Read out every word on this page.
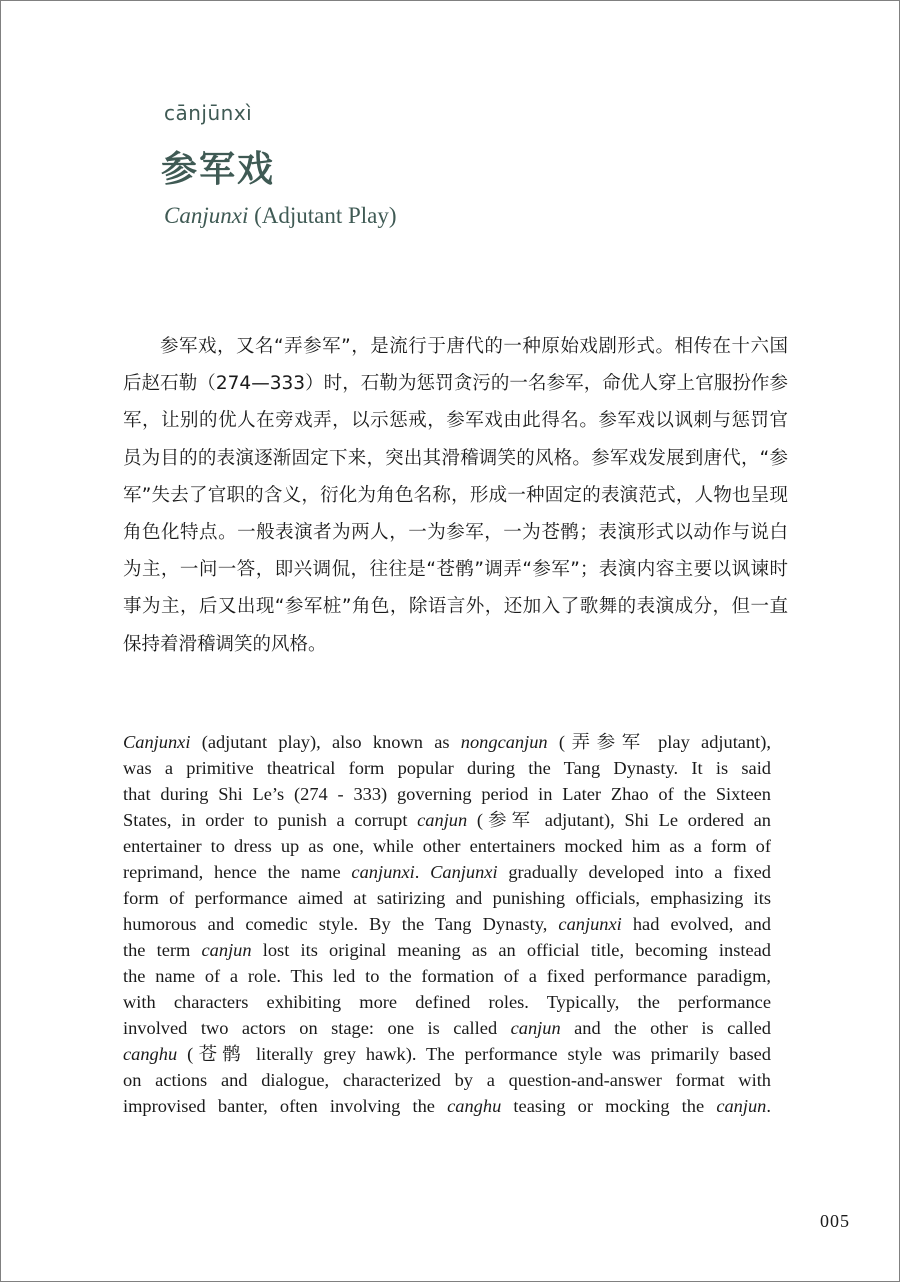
cānjūnxì
参军戏
Canjunxi (Adjutant Play)

参军戏，又名“弄参军”，是流行于唐代的一种原始戏剧形式。相传在十六国后赵石勒（274—333）时，石勒为惩罚贪污的一名参军，命优人穿上官服扮作参军，让别的优人在旁戏弄，以示惩戒，参军戏由此得名。参军戏以讽刺与惩罚官员为目的的表演逐渐固定下来，突出其滑稽调笑的风格。参军戏发展到唐代，“参军”失去了官职的含义，衍化为角色名称，形成一种固定的表演范式，人物也呈现角色化特点。一般表演者为两人，一为参军，一为苍鹘；表演形式以动作与说白为主，一问一答，即兴调侃，往往是“苍鹘”调弄“参军”；表演内容主要以讽谏时事为主，后又出现“参军桩”角色，除语言外，还加入了歌舞的表演成分，但一直保持着滑稽调笑的风格。

Canjunxi (adjutant play), also known as nongcanjun (弄参军 play adjutant),
was a primitive theatrical form popular during the Tang Dynasty. It is said
that during Shi Le’s (274 - 333) governing period in Later Zhao of the Sixteen
States, in order to punish a corrupt canjun (参军 adjutant), Shi Le ordered an
entertainer to dress up as one, while other entertainers mocked him as a form of
reprimand, hence the name canjunxi. Canjunxi gradually developed into a fixed
form of performance aimed at satirizing and punishing officials, emphasizing its
humorous and comedic style. By the Tang Dynasty, canjunxi had evolved, and
the term canjun lost its original meaning as an official title, becoming instead
the name of a role. This led to the formation of a fixed performance paradigm,
with characters exhibiting more defined roles. Typically, the performance
involved two actors on stage: one is called canjun and the other is called
canghu (苍鹘 literally grey hawk). The performance style was primarily based
on actions and dialogue, characterized by a question-and-answer format with
improvised banter, often involving the canghu teasing or mocking the canjun.
005
